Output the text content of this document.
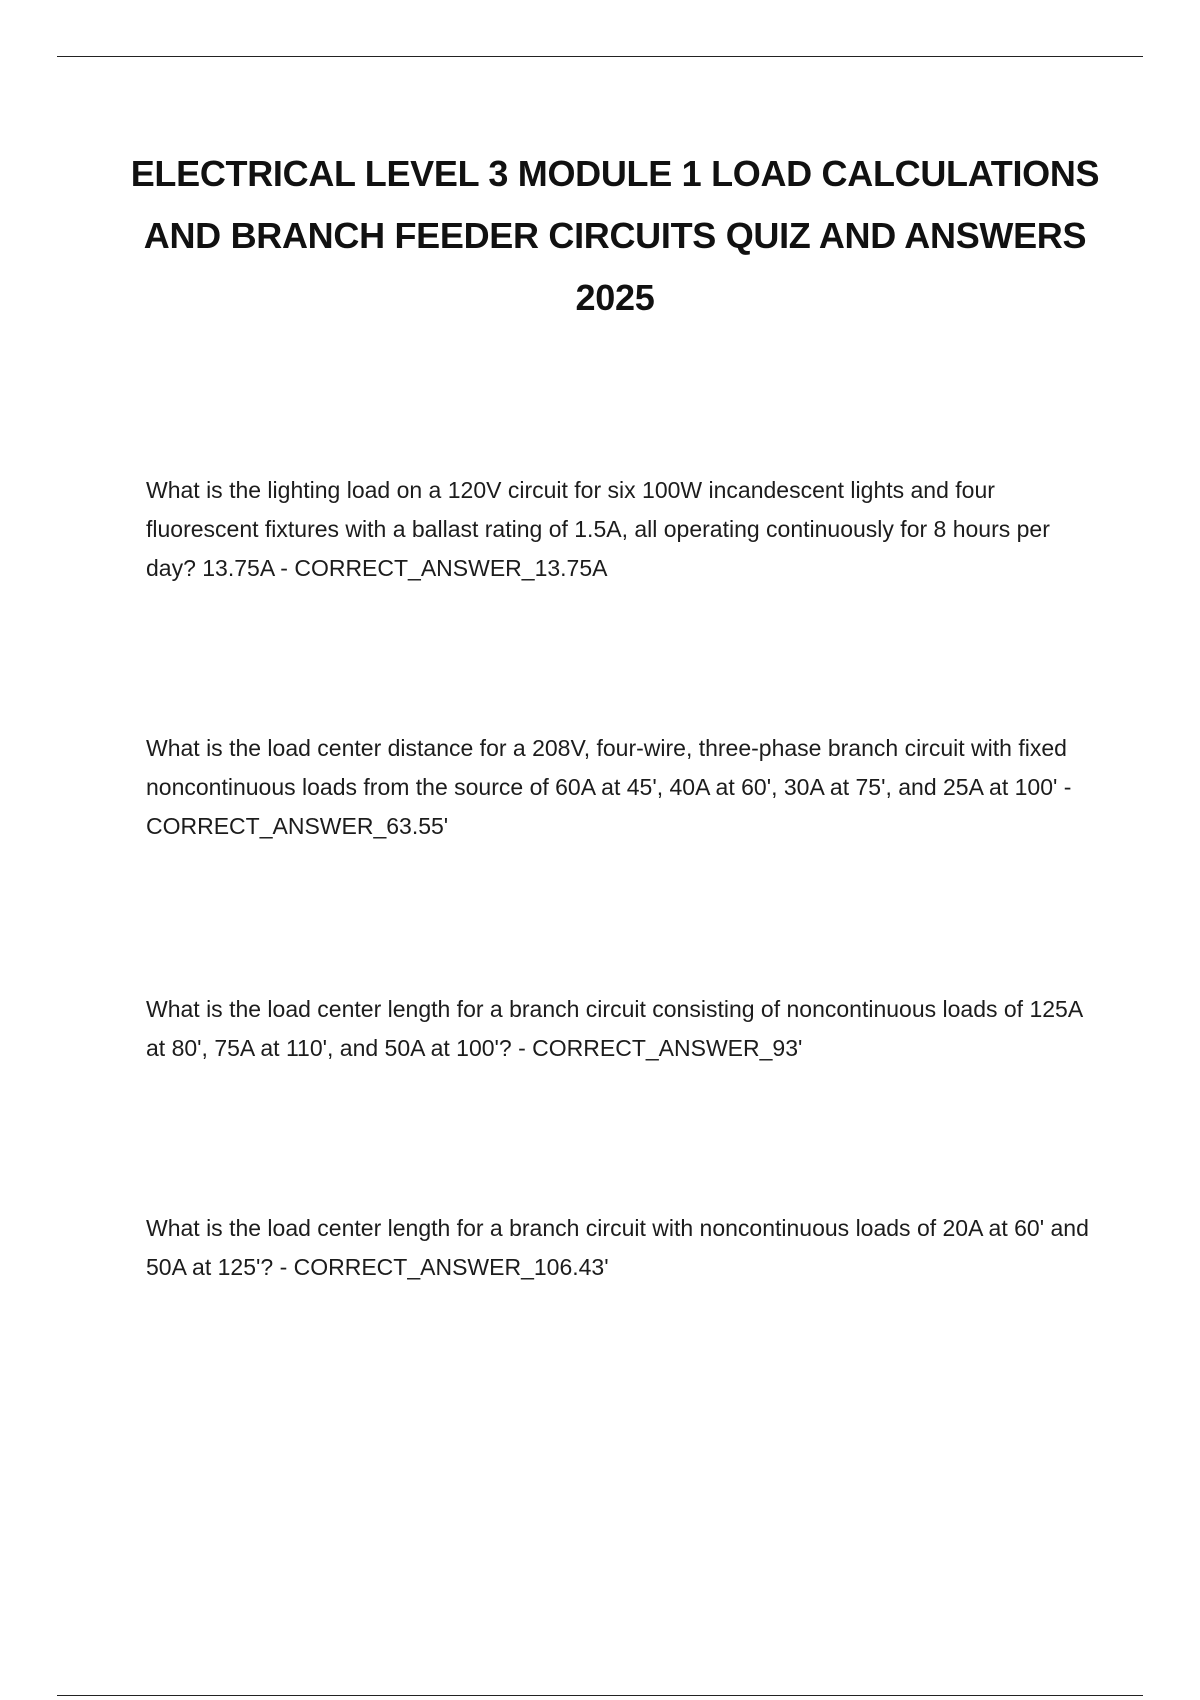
ELECTRICAL LEVEL 3 MODULE 1 LOAD CALCULATIONS AND BRANCH FEEDER CIRCUITS QUIZ AND ANSWERS 2025

What is the lighting load on a 120V circuit for six 100W incandescent lights and four fluorescent fixtures with a ballast rating of 1.5A, all operating continuously for 8 hours per day? 13.75A - CORRECT_ANSWER_13.75A

What is the load center distance for a 208V, four-wire, three-phase branch circuit with fixed noncontinuous loads from the source of 60A at 45', 40A at 60', 30A at 75', and 25A at 100' - CORRECT_ANSWER_63.55'

What is the load center length for a branch circuit consisting of noncontinuous loads of 125A at 80', 75A at 110', and 50A at 100'? - CORRECT_ANSWER_93'

What is the load center length for a branch circuit with noncontinuous loads of 20A at 60' and 50A at 125'? - CORRECT_ANSWER_106.43'
